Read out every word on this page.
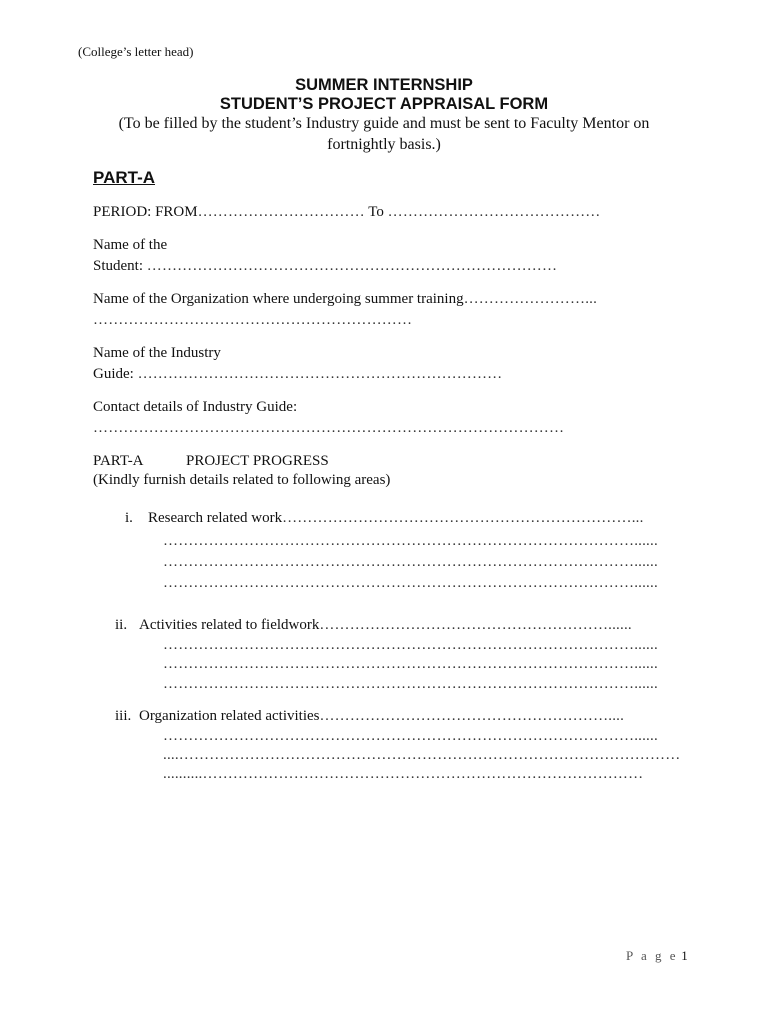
(College’s letter head)
SUMMER INTERNSHIP
STUDENT’S PROJECT APPRAISAL FORM
(To be filled by the student’s Industry guide and must be sent to Faculty Mentor on
fortnightly basis.)
PART-A
PERIOD: FROM…………………………… To ……………………………………
Name of the
Student: ………………………………………………………………………
Name of the Organization where undergoing summer training……………………...
………………………………………………………
Name of the Industry
Guide: ………………………………………………………………
Contact details of Industry Guide:
…………………………………………………………………………………
PART-A	PROJECT PROGRESS
(Kindly furnish details related to following areas)
i. Research related work……………………………………………………………...
…………………………………………………………………………………......
…………………………………………………………………………………......
…………………………………………………………………………………......
ii. Activities related to fieldwork…………………………………………………......
…………………………………………………………………………………......
…………………………………………………………………………………......
…………………………………………………………………………………......
iii. Organization related activities…………………………………………………....
…………………………………………………………………………………......
....………………………………………………………………………………………
..........……………………………………………………………………………
P a g e 1
